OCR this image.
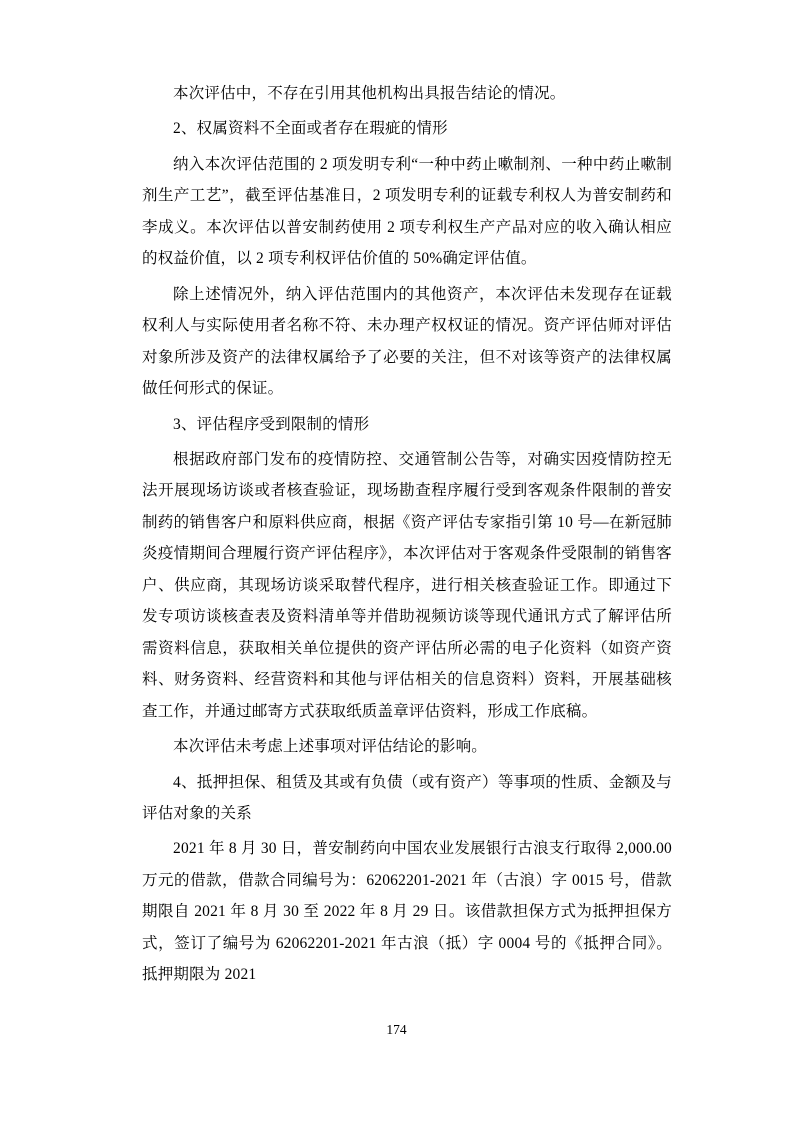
本次评估中，不存在引用其他机构出具报告结论的情况。

2、权属资料不全面或者存在瑕疵的情形

纳入本次评估范围的 2 项发明专利“一种中药止嗽制剂、一种中药止嗽制剂生产工艺”，截至评估基准日，2 项发明专利的证载专利权人为普安制药和李成义。本次评估以普安制药使用 2 项专利权生产产品对应的收入确认相应的权益价值，以 2 项专利权评估价值的 50%确定评估值。

除上述情况外，纳入评估范围内的其他资产，本次评估未发现存在证载权利人与实际使用者名称不符、未办理产权权证的情况。资产评估师对评估对象所涉及资产的法律权属给予了必要的关注，但不对该等资产的法律权属做任何形式的保证。

3、评估程序受到限制的情形

根据政府部门发布的疫情防控、交通管制公告等，对确实因疫情防控无法开展现场访谈或者核查验证，现场勘查程序履行受到客观条件限制的普安制药的销售客户和原料供应商，根据《资产评估专家指引第 10 号—在新冠肺炎疫情期间合理履行资产评估程序》，本次评估对于客观条件受限制的销售客户、供应商，其现场访谈采取替代程序，进行相关核查验证工作。即通过下发专项访谈核查表及资料清单等并借助视频访谈等现代通讯方式了解评估所需资料信息，获取相关单位提供的资产评估所必需的电子化资料（如资产资料、财务资料、经营资料和其他与评估相关的信息资料）资料，开展基础核查工作，并通过邮寄方式获取纸质盖章评估资料，形成工作底稿。

本次评估未考虑上述事项对评估结论的影响。

4、抵押担保、租赁及其或有负债（或有资产）等事项的性质、金额及与评估对象的关系

2021 年 8 月 30 日，普安制药向中国农业发展银行古浪支行取得 2,000.00 万元的借款，借款合同编号为：62062201-2021 年（古浪）字 0015 号，借款期限自 2021 年 8 月 30 至 2022 年 8 月 29 日。该借款担保方式为抵押担保方式，签订了编号为 62062201-2021 年古浪（抵）字 0004 号的《抵押合同》。抵押期限为 2021

174
